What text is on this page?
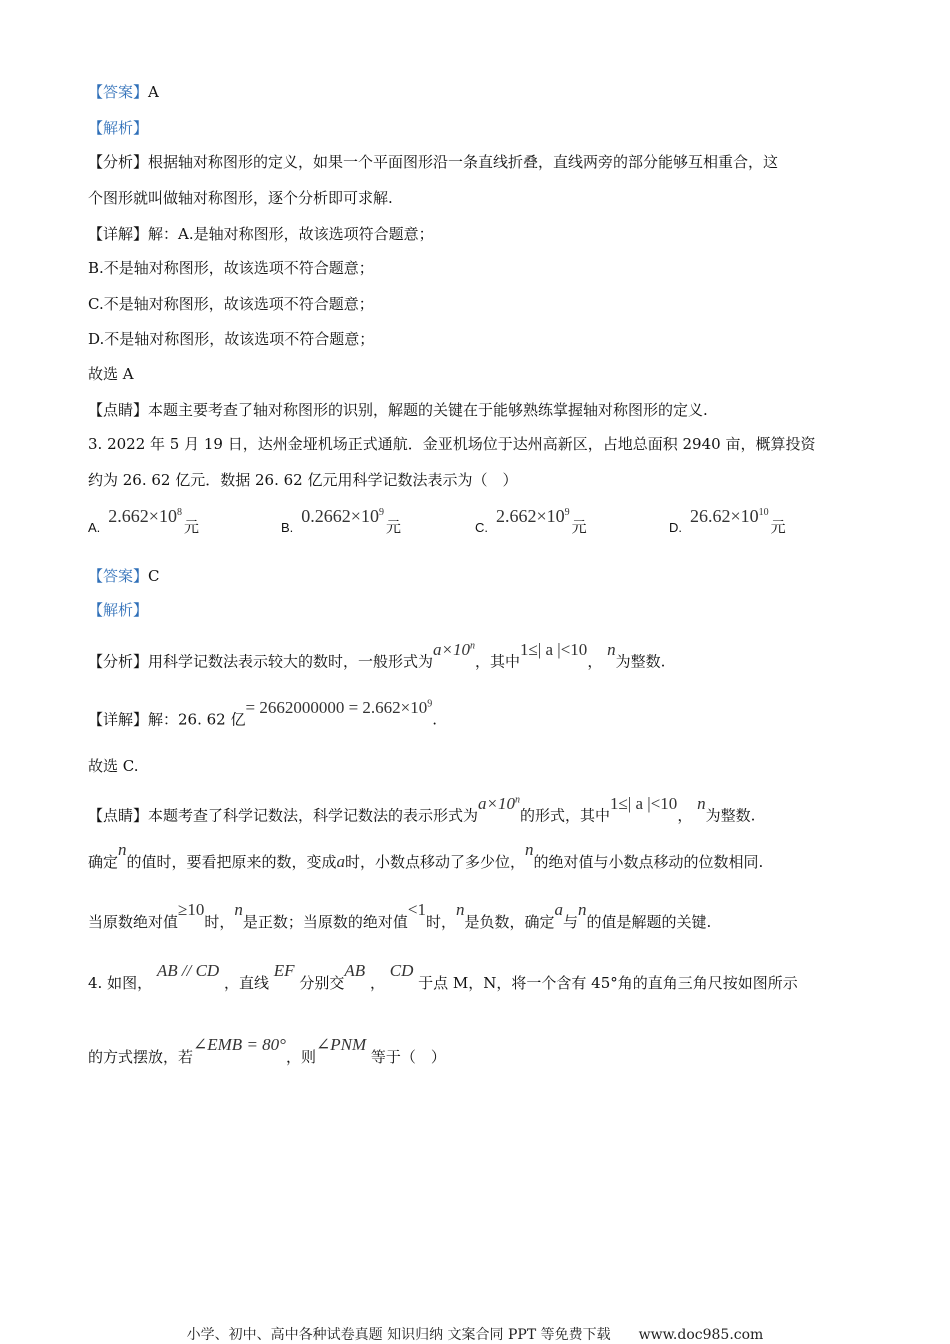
【答案】A
【解析】
【分析】根据轴对称图形的定义，如果一个平面图形沿一条直线折叠，直线两旁的部分能够互相重合，这
个图形就叫做轴对称图形，逐个分析即可求解.
【详解】解：A.是轴对称图形，故该选项符合题意；
B.不是轴对称图形，故该选项不符合题意；
C.不是轴对称图形，故该选项不符合题意；
D.不是轴对称图形，故该选项不符合题意；
故选 A
【点睛】本题主要考查了轴对称图形的识别，解题的关键在于能够熟练掌握轴对称图形的定义.
3. 2022 年 5 月 19 日，达州金垭机场正式通航．金亚机场位于达州高新区，占地总面积 2940 亩，概算投资
约为 26. 62 亿元．数据 26. 62 亿元用科学记数法表示为（　）
$A.2.662\times 10^8$元	$B.0.2662\times 10^9$元	$C.2.662\times 10^9$元	$D.26.62\times 10^{10}$元
【答案】C
【解析】
【分析】用科学记数法表示较大的数时，一般形式为$a\times 10^n$，其中1≤| a |<10， n为整数.
【详解】解：26. 62 亿= $2662000000 = 2.662\times 10^9$.
故选 C.
【点睛】本题考查了科学记数法，科学记数法的表示形式为$a\times 10^n$的形式，其中1≤| a |<10， n为整数.
确定n的值时，要看把原来的数，变成a时，小数点移动了多少位，n的绝对值与小数点移动的位数相同.
当原数绝对值≥10时，n是正数；当原数的绝对值<1时，n是负数，确定a与n的值是解题的关键.
4. 如图， AB // CD ，直线 EF 分别交AB ， CD 于点 M，N，将一个含有 45°角的直角三角尺按如图所示
的方式摆放，若∠EMB = 80°，则∠PNM 等于（　）
小学、初中、高中各种试卷真题 知识归纳 文案合同 PPT 等免费下载　　www.doc985.com
